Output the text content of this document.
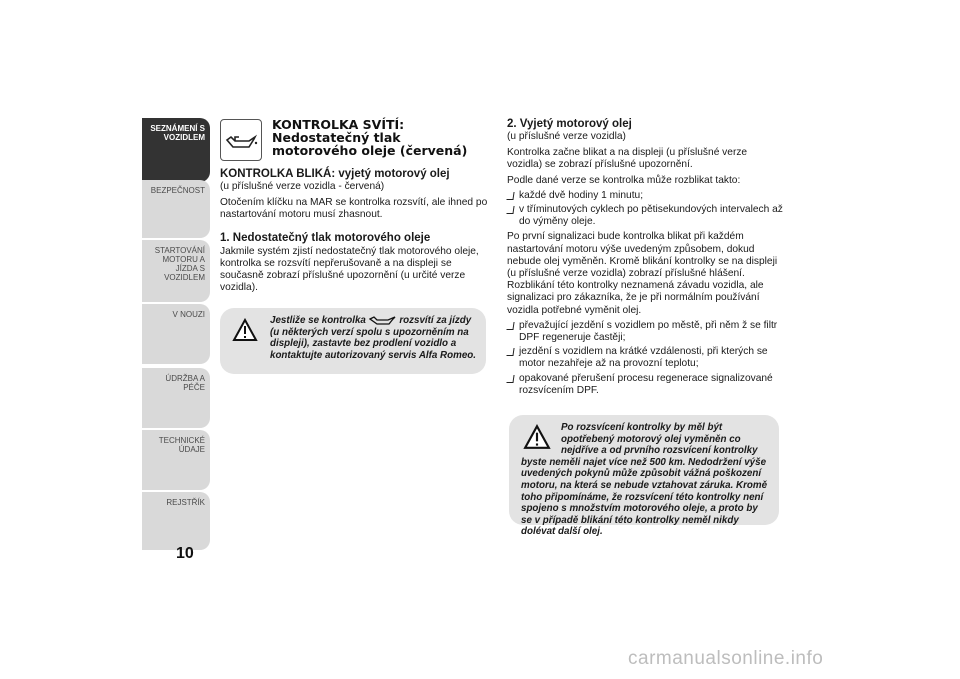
SEZNÁMENÍ S VOZIDLEM
BEZPEČNOST
STARTOVÁNÍ MOTORU A JÍZDA S VOZIDLEM
V NOUZI
ÚDRŽBA A PÉČE
TECHNICKÉ ÚDAJE
REJSTŘÍK
10
KONTROLKA SVÍTÍ:
Nedostatečný tlak
motorového oleje (červená)
KONTROLKA BLIKÁ: vyjetý motorový olej

(u příslušné verze vozidla - červená)

Otočením klíčku na MAR se kontrolka rozsvítí, ale ihned po nastartování motoru musí zhasnout.

1. Nedostatečný tlak motorového oleje

Jakmile systém zjistí nedostatečný tlak motorového oleje, kontrolka se rozsvítí nepřerušovaně a na displeji se současně zobrazí příslušné upozornění (u určité verze vozidla).

Jestliže se kontrolka	rozsvítí za jízdy (u některých verzí spolu s upozorněním na displeji), zastavte bez prodlení vozidlo a kontaktujte autorizovaný servis Alfa Romeo.
2. Vyjetý motorový olej

(u příslušné verze vozidla)

Kontrolka začne blikat a na displeji (u příslušné verze vozidla) se zobrazí příslušné upozornění.

Podle dané verze se kontrolka může rozblikat takto:

každé dvě hodiny 1 minutu;
v tříminutových cyklech po pětisekundových intervalech až do výměny oleje.

Po první signalizaci bude kontrolka blikat při každém nastartování motoru výše uvedeným způsobem, dokud nebude olej vyměněn. Kromě blikání kontrolky se na displeji (u příslušné verze vozidla) zobrazí příslušné hlášení. Rozblikání této kontrolky neznamená závadu vozidla, ale signalizaci pro zákazníka, že je při normálním používání vozidla potřebné vyměnit olej.

převažující jezdění s vozidlem po městě, při něm ž se filtr DPF regeneruje častěji;
jezdění s vozidlem na krátké vzdálenosti, při kterých se motor nezahřeje až na provozní teplotu;
opakované přerušení procesu regenerace signalizované rozsvícením DPF.
Po rozsvícení kontrolky by měl být opotřebený motorový olej vyměněn co nejdříve a od prvního rozsvícení kontrolky byste neměli najet více než 500 km. Nedodržení výše uvedených pokynů může způsobit vážná poškození motoru, na která se nebude vztahovat záruka. Kromě toho připomínáme, že rozsvícení této kontrolky není spojeno s množstvím motorového oleje, a proto by se v případě blikání této kontrolky neměl nikdy dolévat další olej.
carmanualsonline.info
